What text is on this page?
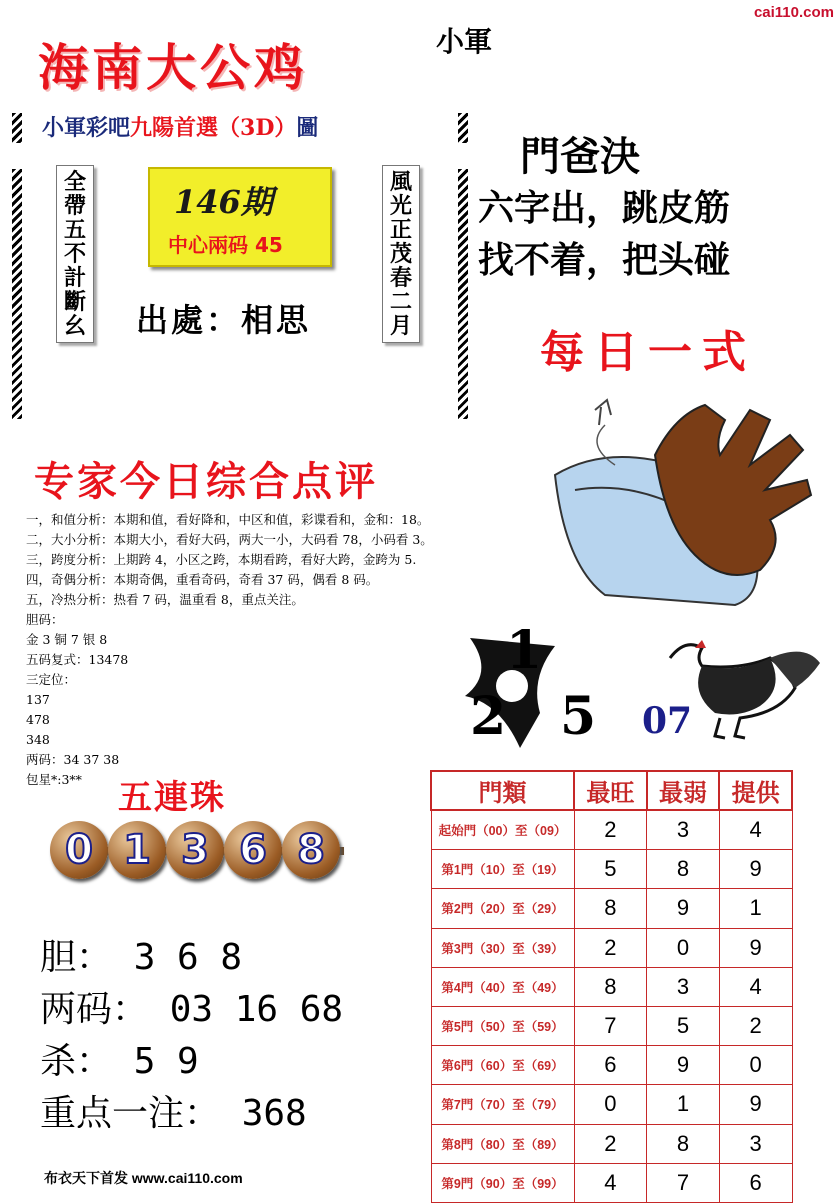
cai110.com
海南大公鸡	小軍
小軍彩吧九陽首選（3D）圖
全帶五不計斷幺
風光正茂春二月
146期
中心兩码 45
出處：相思
門爸決
六字出，跳皮筋
找不着，把头碰
每日一式
1
2 5 07
专家今日综合点评
一，和值分析：本期和值，看好降和，中区和值，彩谍看和，金和：18。
二，大小分析：本期大小，看好大码，两大一小，大码看 78，小码看 3。
三，跨度分析：上期跨 4，小区之跨，本期看跨，看好大跨，金跨为 5.
四，奇偶分析：本期奇偶，重看奇码，奇看 37 码，偶看 8 码。
五，冷热分析：热看 7 码，温重看 8，重点关注。
胆码：
金 3 铜 7 银 8
五码复式：13478
三定位：
137
478
348
两码：34 37 38
包星*:3**	五連珠
0 1 3 6 8
胆： 3 6 8
两码： 03 16 68
杀： 5 9
重点一注： 368
布衣天下首发 www.cai110.com
門類	最旺	最弱	提供
起始門（00）至（09）	2	3	4
第1門（10）至（19）	5	8	9
第2門（20）至（29）	8	9	1
第3門（30）至（39）	2	0	9
第4門（40）至（49）	8	3	4
第5門（50）至（59）	7	5	2
第6門（60）至（69）	6	9	0
第7門（70）至（79）	0	1	9
第8門（80）至（89）	2	8	3
第9門（90）至（99）	4	7	6
